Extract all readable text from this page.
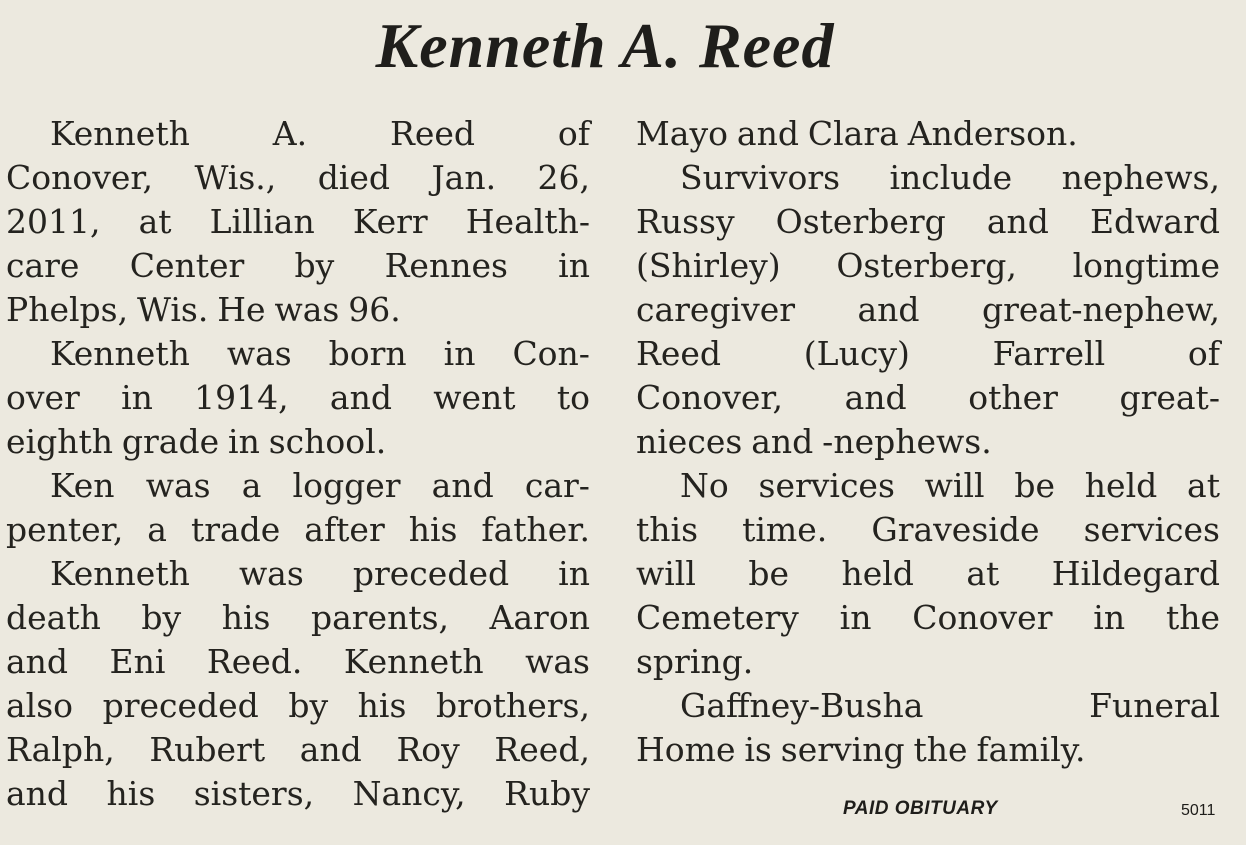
Kenneth A. Reed
Kenneth	A.	Reed	of
Conover, Wis., died Jan. 26,
2011, at Lillian Kerr Health-
care Center by Rennes in
Phelps, Wis. He was 96.
Kenneth was born in Con-
over in 1914, and went to
eighth grade in school.
Ken was a logger and car-
penter, a trade after his father.
Kenneth was preceded in
death by his parents, Aaron
and Eni Reed. Kenneth was
also preceded by his brothers,
Ralph, Rubert and Roy Reed,
and his sisters, Nancy, Ruby
Mayo and Clara Anderson.
Survivors include nephews,
Russy Osterberg and Edward
(Shirley) Osterberg, longtime
caregiver and great-nephew,
Reed	(Lucy)	Farrell	of
Conover, and other great-
nieces and -nephews.
No services will be held at
this time. Graveside services
will be held at Hildegard
Cemetery in Conover in the
spring.
Gaffney-Busha	Funeral
Home is serving the family.
PAID OBITUARY	5011
